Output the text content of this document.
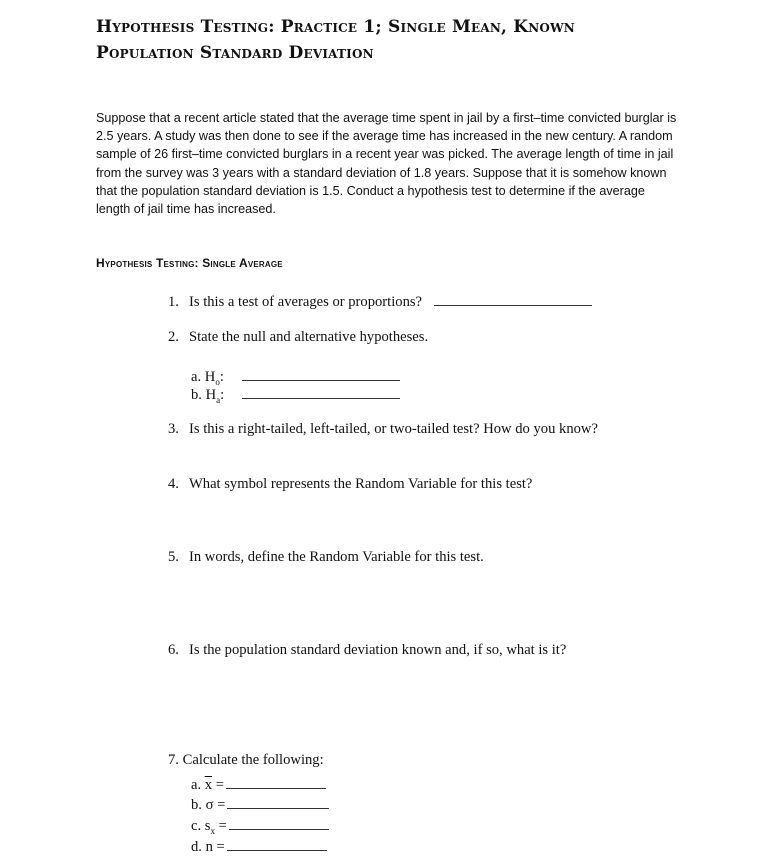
Hypothesis Testing: Practice 1; Single Mean, Known
Population Standard Deviation
Suppose that a recent article stated that the average time spent in jail by a first–time convicted burglar is 2.5 years. A study was then done to see if the average time has increased in the new century. A random sample of 26 first–time convicted burglars in a recent year was picked. The average length of time in jail from the survey was 3 years with a standard deviation of 1.8 years. Suppose that it is somehow known that the population standard deviation is 1.5. Conduct a hypothesis test to determine if the average length of jail time has increased.
Hypothesis Testing: Single Average
1. Is this a test of averages or proportions?
2. State the null and alternative hypotheses.
a. $H_o$:
b. $H_a$:
3. Is this a right-tailed, left-tailed, or two-tailed test? How do you know?
4. What symbol represents the Random Variable for this test?
5. In words, define the Random Variable for this test.
6. Is the population standard deviation known and, if so, what is it?
7. Calculate the following:
a. $\overline{x}$ =
b. σ =
c. $s_x$ =
d. n =
